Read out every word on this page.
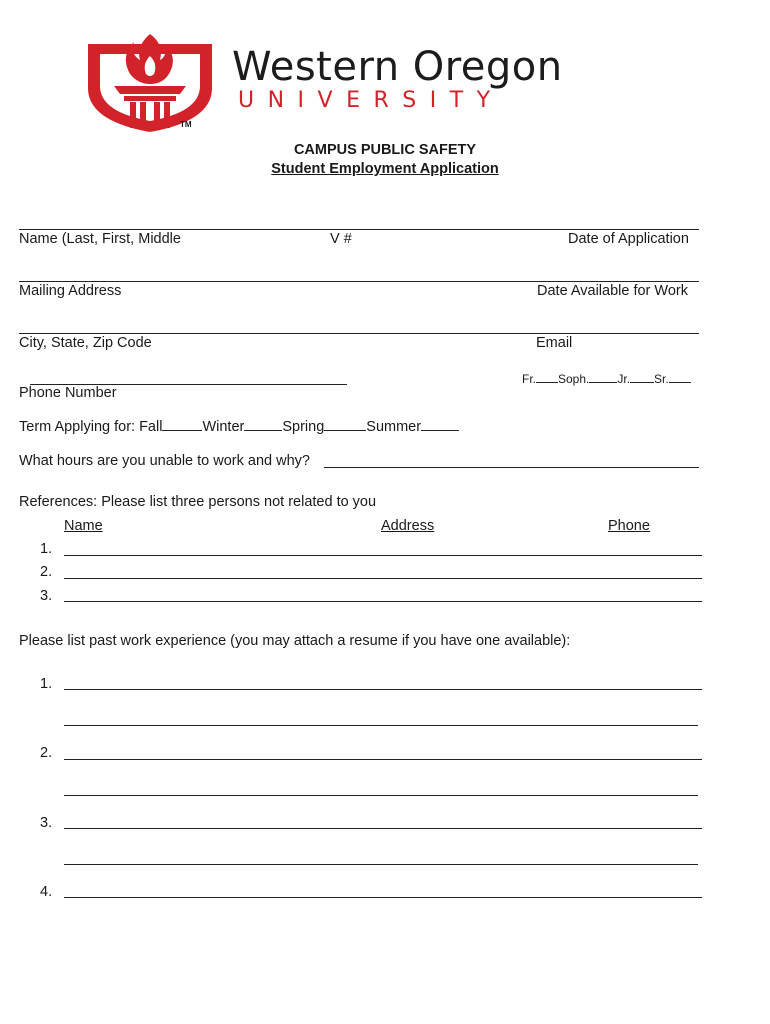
TM
Western Oregon
UNIVERSITY
CAMPUS PUBLIC SAFETY
Student Employment Application
Name (Last, First, Middle	V #	Date of Application
Mailing Address	Date Available for Work
City, State, Zip Code	Email
Fr. Soph. Jr. Sr.
Phone Number
Term Applying for: Fall	Winter	Spring	Summer
What hours are you unable to work and why?
References: Please list three persons not related to you
Name	Address	Phone
1.
2.
3.
Please list past work experience (you may attach a resume if you have one available):
1.
2.
3.
4.
